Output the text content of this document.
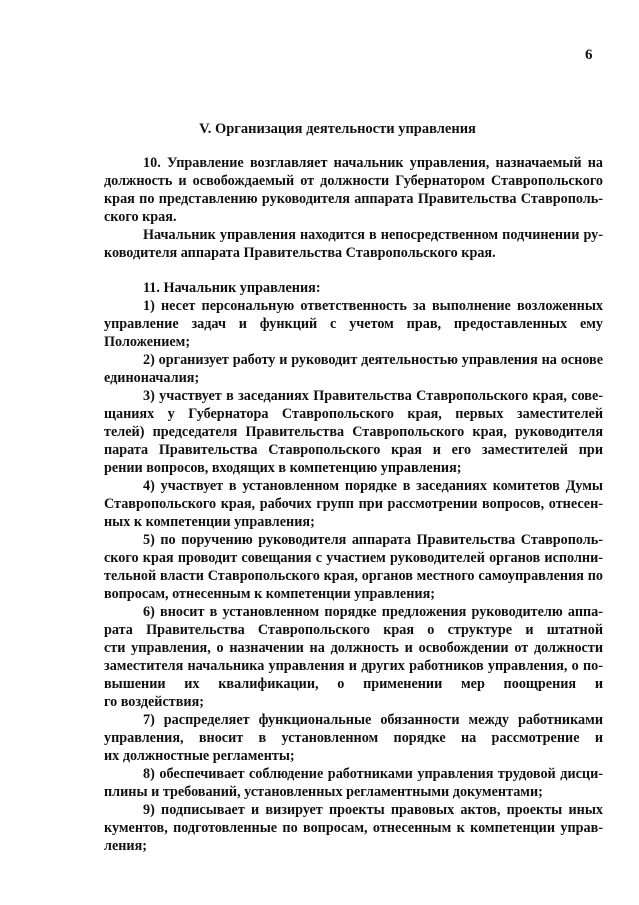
6
V. Организация деятельности управления
10. Управление возглавляет начальник управления, назначаемый на
должность и освобождаемый от должности Губернатором Ставропольского
края по представлению руководителя аппарата Правительства Ставрополь-
ского края.
Начальник управления находится в непосредственном подчинении ру-
ководителя аппарата Правительства Ставропольского края.
11. Начальник управления:
1) несет персональную ответственность за выполнение возложенных
управление задач и функций с учетом прав, предоставленных ему
Положением;
2) организует работу и руководит деятельностью управления на основе
единоначалия;
3) участвует в заседаниях Правительства Ставропольского края, сове-
щаниях у Губернатора Ставропольского края, первых заместителей
телей) председателя Правительства Ставропольского края, руководителя
парата Правительства Ставропольского края и его заместителей при
рении вопросов, входящих в компетенцию управления;
4) участвует в установленном порядке в заседаниях комитетов Думы
Ставропольского края, рабочих групп при рассмотрении вопросов, отнесен-
ных к компетенции управления;
5) по поручению руководителя аппарата Правительства Ставрополь-
ского края проводит совещания с участием руководителей органов исполни-
тельной власти Ставропольского края, органов местного самоуправления по
вопросам, отнесенным к компетенции управления;
6) вносит в установленном порядке предложения руководителю аппа-
рата Правительства Ставропольского края о структуре и штатной
сти управления, о назначении на должность и освобождении от должности
заместителя начальника управления и других работников управления, о по-
вышении их квалификации, о применении мер поощрения и
го воздействия;
7) распределяет функциональные обязанности между работниками
управления, вносит в установленном порядке на рассмотрение и
их должностные регламенты;
8) обеспечивает соблюдение работниками управления трудовой дисци-
плины и требований, установленных регламентными документами;
9) подписывает и визирует проекты правовых актов, проекты иных
кументов, подготовленные по вопросам, отнесенным к компетенции управ-
ления;
